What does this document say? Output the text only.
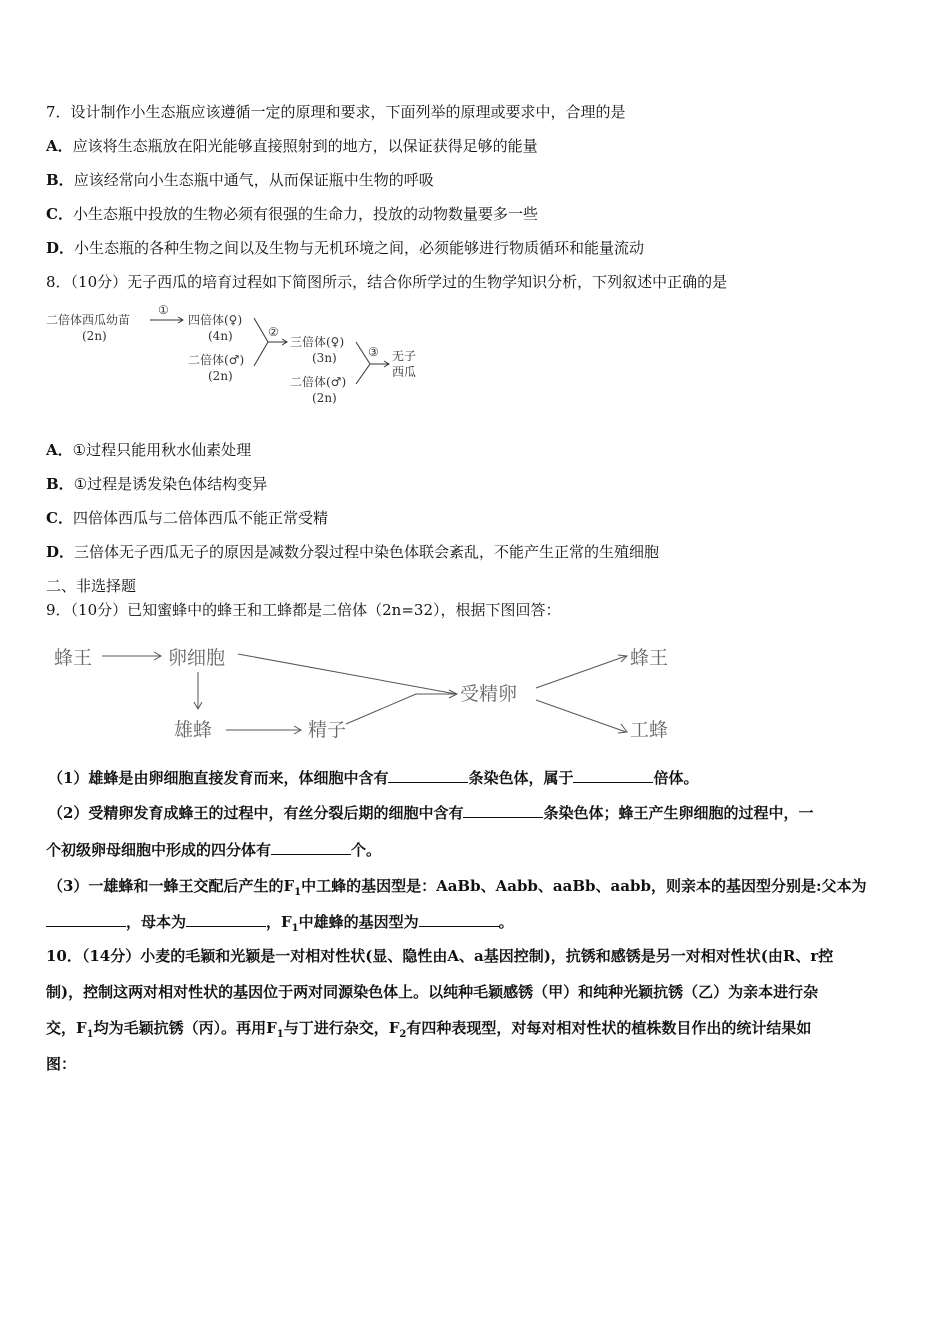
7．设计制作小生态瓶应该遵循一定的原理和要求，下面列举的原理或要求中，合理的是
A．应该将生态瓶放在阳光能够直接照射到的地方，以保证获得足够的能量
B．应该经常向小生态瓶中通气，从而保证瓶中生物的呼吸
C．小生态瓶中投放的生物必须有很强的生命力，投放的动物数量要多一些
D．小生态瓶的各种生物之间以及生物与无机环境之间，必须能够进行物质循环和能量流动
8．（10分）无子西瓜的培育过程如下简图所示，结合你所学过的生物学知识分析，下列叙述中正确的是
二倍体西瓜幼苗
(2n)
①
四倍体(♀)
(4n)
二倍体(♂)
(2n)
②
三倍体(♀)
(3n)
二倍体(♂)
(2n)
③ 无子
西瓜
A．①过程只能用秋水仙素处理
B．①过程是诱发染色体结构变异
C．四倍体西瓜与二倍体西瓜不能正常受精
D．三倍体无子西瓜无子的原因是减数分裂过程中染色体联会紊乱，不能产生正常的生殖细胞
二、非选择题
9．（10分）已知蜜蜂中的蜂王和工蜂都是二倍体（2n=32），根据下图回答：
蜂王	卵细胞
雄蜂	精子
受精卵
蜂王
工蜂
（1）雄蜂是由卵细胞直接发育而来，体细胞中含有	条染色体，属于	倍体。
（2）受精卵发育成蜂王的过程中，有丝分裂后期的细胞中含有	条染色体；蜂王产生卵细胞的过程中，一
个初级卵母细胞中形成的四分体有	个。
（3）一雄蜂和一蜂王交配后产生的$F_1$中工蜂的基因型是：AaBb、Aabb、aaBb、aabb，则亲本的基因型分别是:父本为
，母本为	，$F_1$中雄蜂的基因型为	。
10．（14分）小麦的毛颖和光颖是一对相对性状(显、隐性由A、a基因控制)，抗锈和感锈是另一对相对性状(由R、r控
制)，控制这两对相对性状的基因位于两对同源染色体上。以纯种毛颖感锈（甲）和纯种光颖抗锈（乙）为亲本进行杂
交，$F_1$均为毛颖抗锈（丙）。再用$F_1$与丁进行杂交，$F_2$有四种表现型，对每对相对性状的植株数目作出的统计结果如
图：
